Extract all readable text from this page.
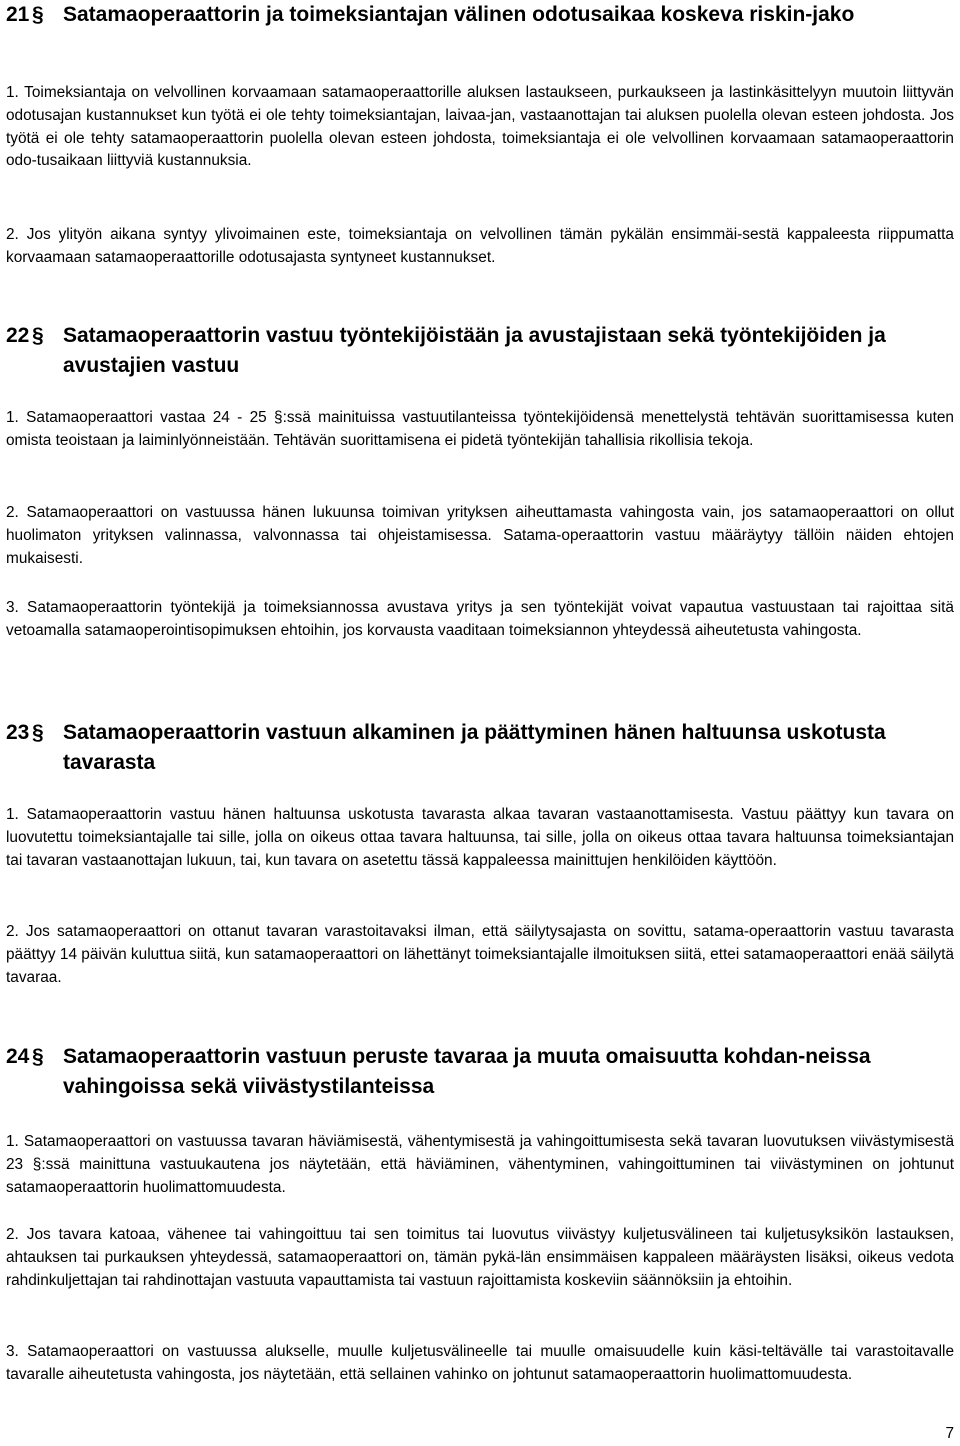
21 § Satamaoperaattorin ja toimeksiantajan välinen odotusaikaa koskeva riskin-jako

1. Toimeksiantaja on velvollinen korvaamaan satamaoperaattorille aluksen lastaukseen, purkaukseen ja lastinkäsittelyyn muutoin liittyvän odotusajan kustannukset kun työtä ei ole tehty toimeksiantajan, laivaa-jan, vastaanottajan tai aluksen puolella olevan esteen johdosta. Jos työtä ei ole tehty satamaoperaattorin puolella olevan esteen johdosta, toimeksiantaja ei ole velvollinen korvaamaan satamaoperaattorin odo-tusaikaan liittyviä kustannuksia.

2. Jos ylityön aikana syntyy ylivoimainen este, toimeksiantaja on velvollinen tämän pykälän ensimmäi-sestä kappaleesta riippumatta korvaamaan satamaoperaattorille odotusajasta syntyneet kustannukset.

22 § Satamaoperaattorin vastuu työntekijöistään ja avustajistaan sekä työntekijöiden ja avustajien vastuu

1. Satamaoperaattori vastaa 24 - 25 §:ssä mainituissa vastuutilanteissa työntekijöidensä menettelystä tehtävän suorittamisessa kuten omista teoistaan ja laiminlyönneistään. Tehtävän suorittamisena ei pidetä työntekijän tahallisia rikollisia tekoja.

2. Satamaoperaattori on vastuussa hänen lukuunsa toimivan yrityksen aiheuttamasta vahingosta vain, jos satamaoperaattori on ollut huolimaton yrityksen valinnassa, valvonnassa tai ohjeistamisessa. Satama-operaattorin vastuu määräytyy tällöin näiden ehtojen mukaisesti.

3. Satamaoperaattorin työntekijä ja toimeksiannossa avustava yritys ja sen työntekijät voivat vapautua vastuustaan tai rajoittaa sitä vetoamalla satamaoperointisopimuksen ehtoihin, jos korvausta vaaditaan toimeksiannon yhteydessä aiheutetusta vahingosta.

23 § Satamaoperaattorin vastuun alkaminen ja päättyminen hänen haltuunsa uskotusta tavarasta

1. Satamaoperaattorin vastuu hänen haltuunsa uskotusta tavarasta alkaa tavaran vastaanottamisesta. Vastuu päättyy kun tavara on luovutettu toimeksiantajalle tai sille, jolla on oikeus ottaa tavara haltuunsa, tai sille, jolla on oikeus ottaa tavara haltuunsa toimeksiantajan tai tavaran vastaanottajan lukuun, tai, kun tavara on asetettu tässä kappaleessa mainittujen henkilöiden käyttöön.

2. Jos satamaoperaattori on ottanut tavaran varastoitavaksi ilman, että säilytysajasta on sovittu, satama-operaattorin vastuu tavarasta päättyy 14 päivän kuluttua siitä, kun satamaoperaattori on lähettänyt toimeksiantajalle ilmoituksen siitä, ettei satamaoperaattori enää säilytä tavaraa.

24 § Satamaoperaattorin vastuun peruste tavaraa ja muuta omaisuutta kohdan-neissa vahingoissa sekä viivästystilanteissa

1. Satamaoperaattori on vastuussa tavaran häviämisestä, vähentymisestä ja vahingoittumisesta sekä tavaran luovutuksen viivästymisestä 23 §:ssä mainittuna vastuukautena jos näytetään, että häviäminen, vähentyminen, vahingoittuminen tai viivästyminen on johtunut satamaoperaattorin huolimattomuudesta.

2. Jos tavara katoaa, vähenee tai vahingoittuu tai sen toimitus tai luovutus viivästyy kuljetusvälineen tai kuljetusyksikön lastauksen, ahtauksen tai purkauksen yhteydessä, satamaoperaattori on, tämän pykä-län ensimmäisen kappaleen määräysten lisäksi, oikeus vedota rahdinkuljettajan tai rahdinottajan vastuuta vapauttamista tai vastuun rajoittamista koskeviin säännöksiin ja ehtoihin.

3. Satamaoperaattori on vastuussa alukselle, muulle kuljetusvälineelle tai muulle omaisuudelle kuin käsi-teltävälle tai varastoitavalle tavaralle aiheutetusta vahingosta, jos näytetään, että sellainen vahinko on johtunut satamaoperaattorin huolimattomuudesta.

7
